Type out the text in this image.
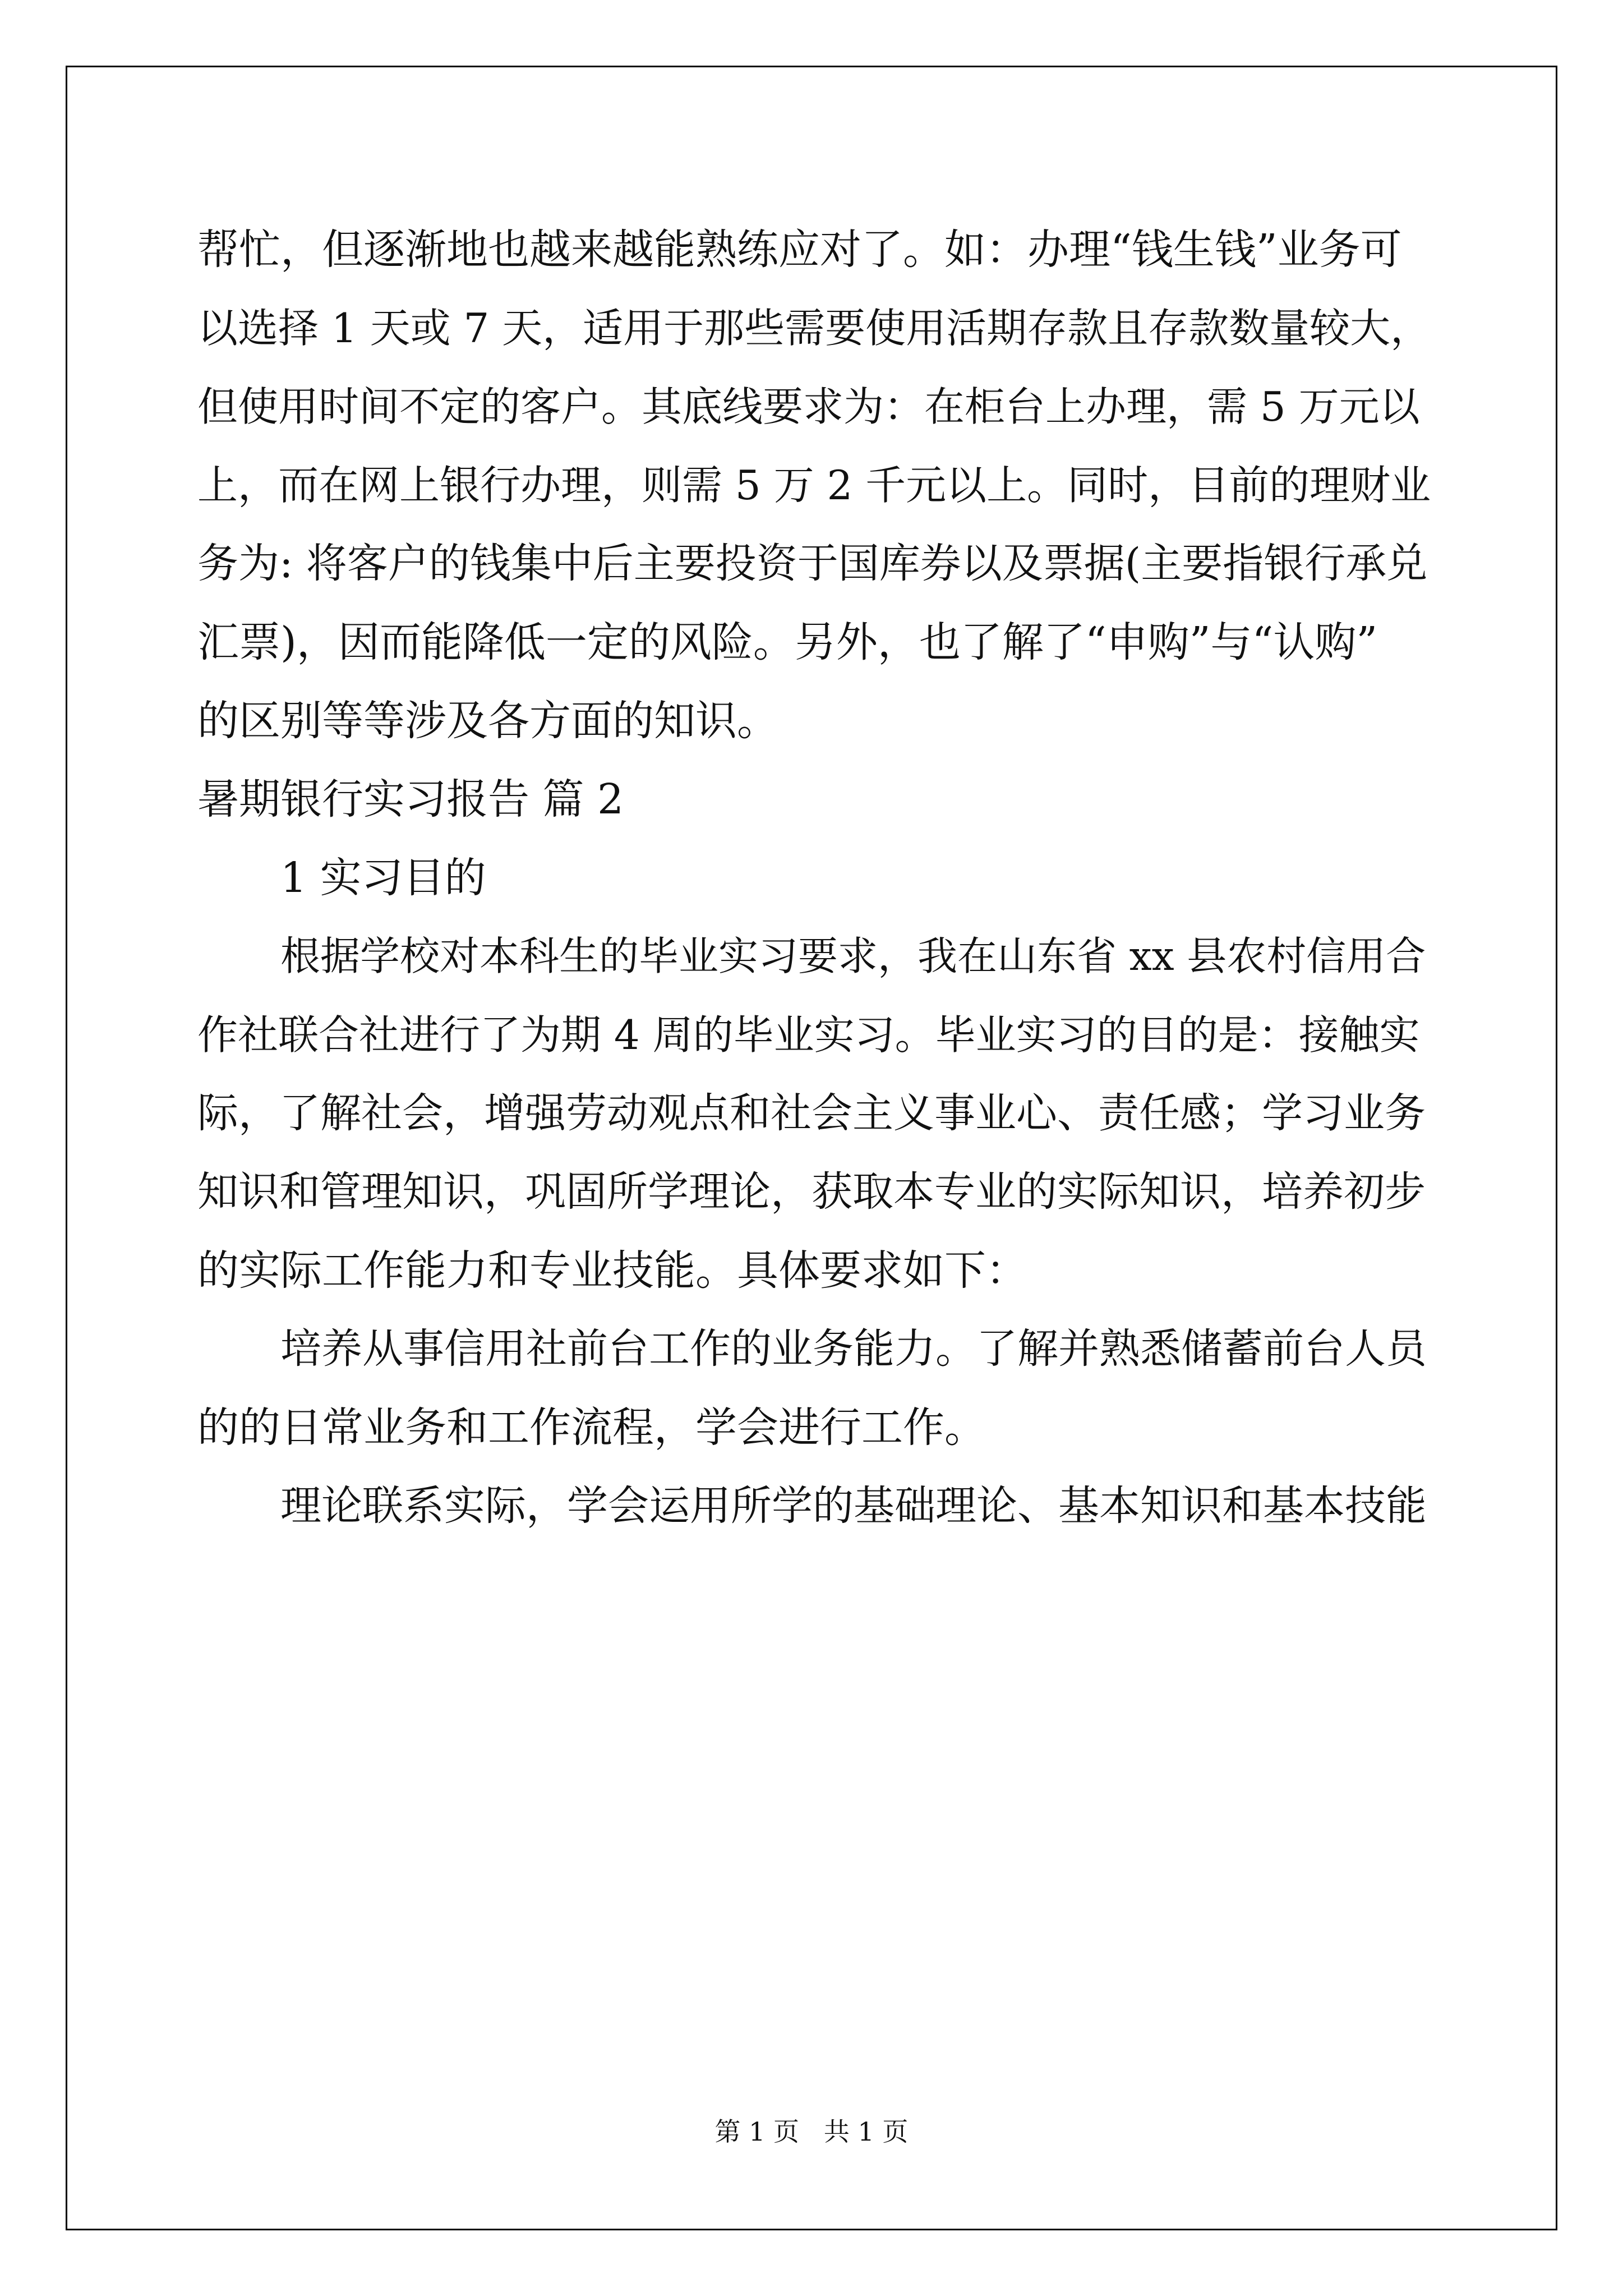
帮忙，但逐渐地也越来越能熟练应对了。如：办理“钱生钱”业务可
以选择 1 天或 7 天，适用于那些需要使用活期存款且存款数量较大，
但使用时间不定的客户。其底线要求为：在柜台上办理，需 5 万元以
上，而在网上银行办理，则需 5 万 2 千元以上。同时，目前的理财业
务为: 将客户的钱集中后主要投资于国库券以及票据(主要指银行承兑
汇票)，因而能降低一定的风险。另外，也了解了“申购”与“认购”
的区别等等涉及各方面的知识。
暑期银行实习报告 篇 2
1 实习目的
根据学校对本科生的毕业实习要求，我在山东省 xx 县农村信用合
作社联合社进行了为期 4 周的毕业实习。毕业实习的目的是：接触实
际，了解社会，增强劳动观点和社会主义事业心、责任感；学习业务
知识和管理知识，巩固所学理论，获取本专业的实际知识，培养初步
的实际工作能力和专业技能。具体要求如下：
培养从事信用社前台工作的业务能力。了解并熟悉储蓄前台人员
的的日常业务和工作流程，学会进行工作。
理论联系实际，学会运用所学的基础理论、基本知识和基本技能
第 1 页   共 1 页
